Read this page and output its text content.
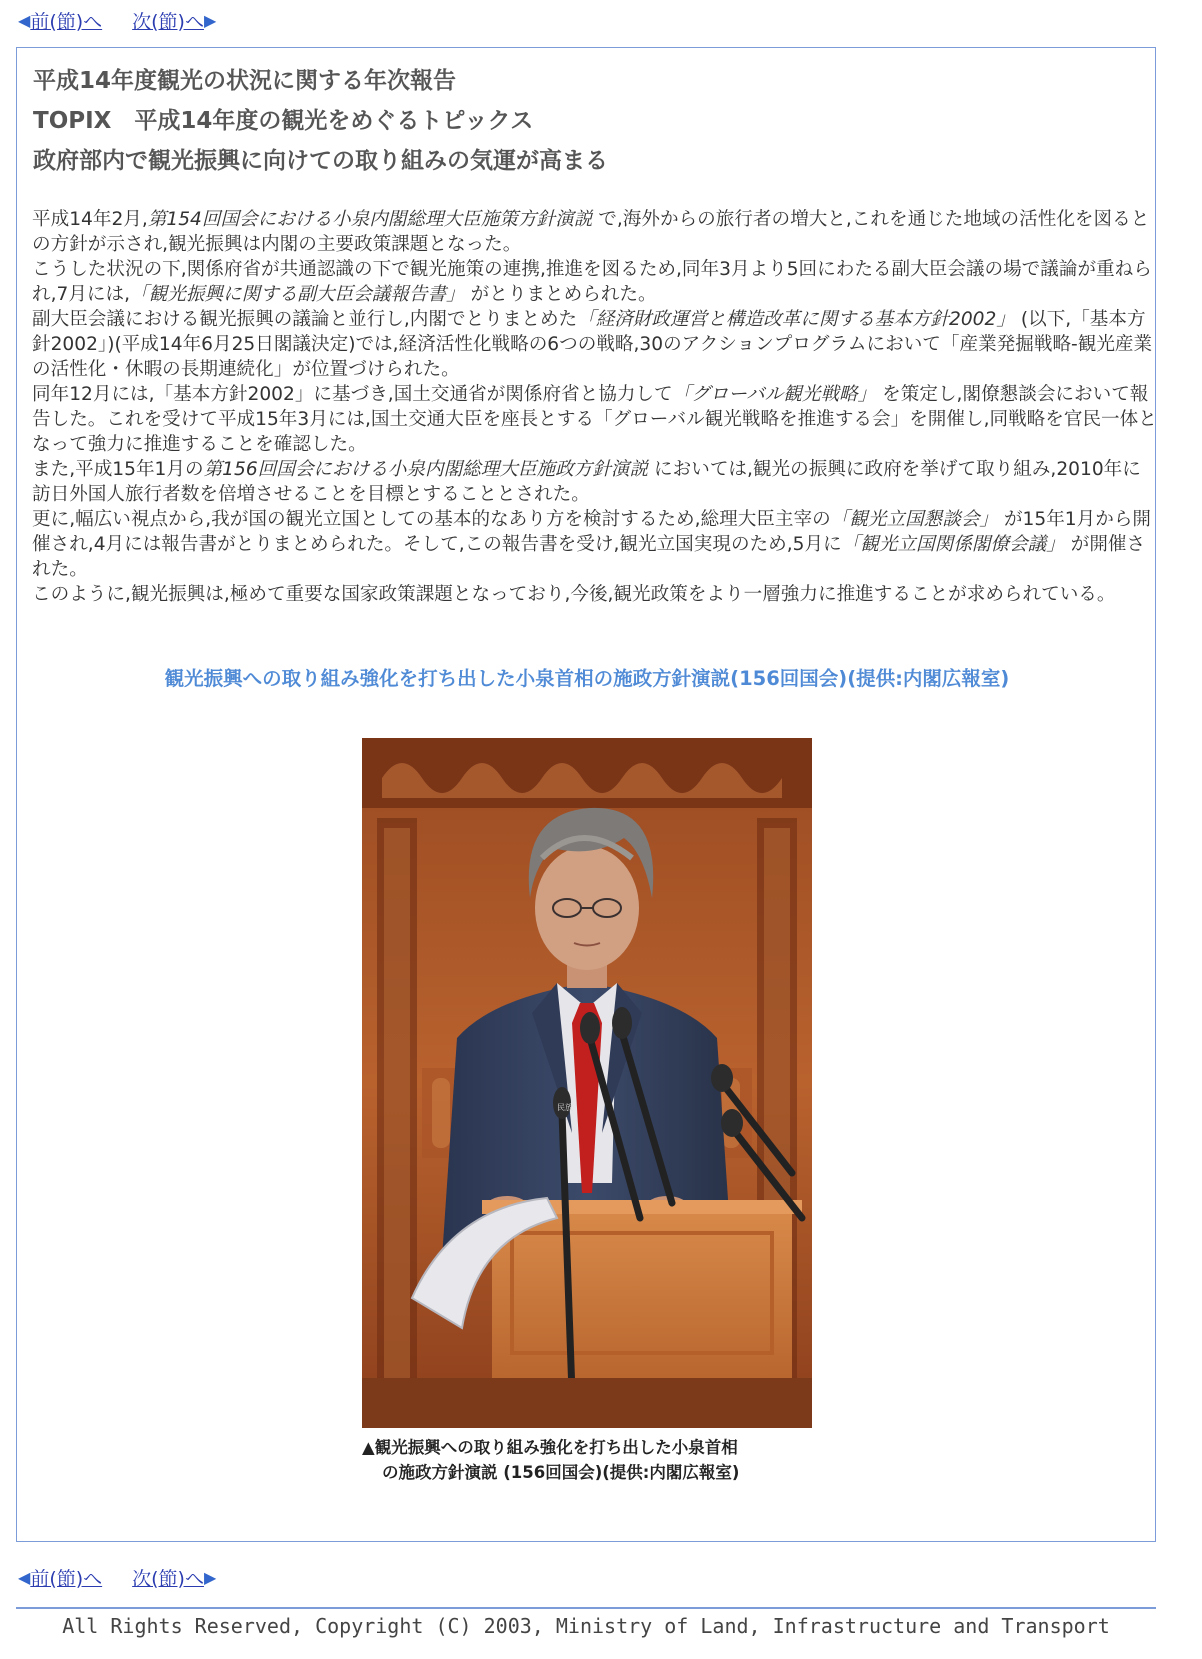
◀ 前(節)へ 次(節)へ ▶
平成14年度観光の状況に関する年次報告
TOPIX　平成14年度の観光をめぐるトピックス
政府部内で観光振興に向けての取り組みの気運が高まる

平成14年2月,第154回国会における小泉内閣総理大臣施策方針演説 で,海外からの旅行者の増大と,これを通じた地域の活性化を図るとの方針が示され,観光振興は内閣の主要政策課題となった。

こうした状況の下,関係府省が共通認識の下で観光施策の連携,推進を図るため,同年3月より5回にわたる副大臣会議の場で議論が重ねられ,7月には,「観光振興に関する副大臣会議報告書」 がとりまとめられた。

副大臣会議における観光振興の議論と並行し,内閣でとりまとめた「経済財政運営と構造改革に関する基本方針2002」 (以下,「基本方針2002」)(平成14年6月25日閣議決定)では,経済活性化戦略の6つの戦略,30のアクションプログラムにおいて「産業発掘戦略-観光産業の活性化・休暇の長期連続化」が位置づけられた。

同年12月には,「基本方針2002」に基づき,国土交通省が関係府省と協力して「グローバル観光戦略」 を策定し,閣僚懇談会において報告した。これを受けて平成15年3月には,国土交通大臣を座長とする「グローバル観光戦略を推進する会」を開催し,同戦略を官民一体となって強力に推進することを確認した。

また,平成15年1月の第156回国会における小泉内閣総理大臣施政方針演説 においては,観光の振興に政府を挙げて取り組み,2010年に訪日外国人旅行者数を倍増させることを目標とすることとされた。

更に,幅広い視点から,我が国の観光立国としての基本的なあり方を検討するため,総理大臣主宰の「観光立国懇談会」 が15年1月から開催され,4月には報告書がとりまとめられた。そして,この報告書を受け,観光立国実現のため,5月に「観光立国関係閣僚会議」 が開催された。

このように,観光振興は,極めて重要な国家政策課題となっており,今後,観光政策をより一層強力に推進することが求められている。

観光振興への取り組み強化を打ち出した小泉首相の施政方針演説(156回国会)(提供:内閣広報室)
民放
▲観光振興への取り組み強化を打ち出した小泉首相
の施政方針演説 (156回国会)(提供:内閣広報室)
◀ 前(節)へ 次(節)へ ▶
All Rights Reserved, Copyright (C) 2003, Ministry of Land, Infrastructure and Transport
